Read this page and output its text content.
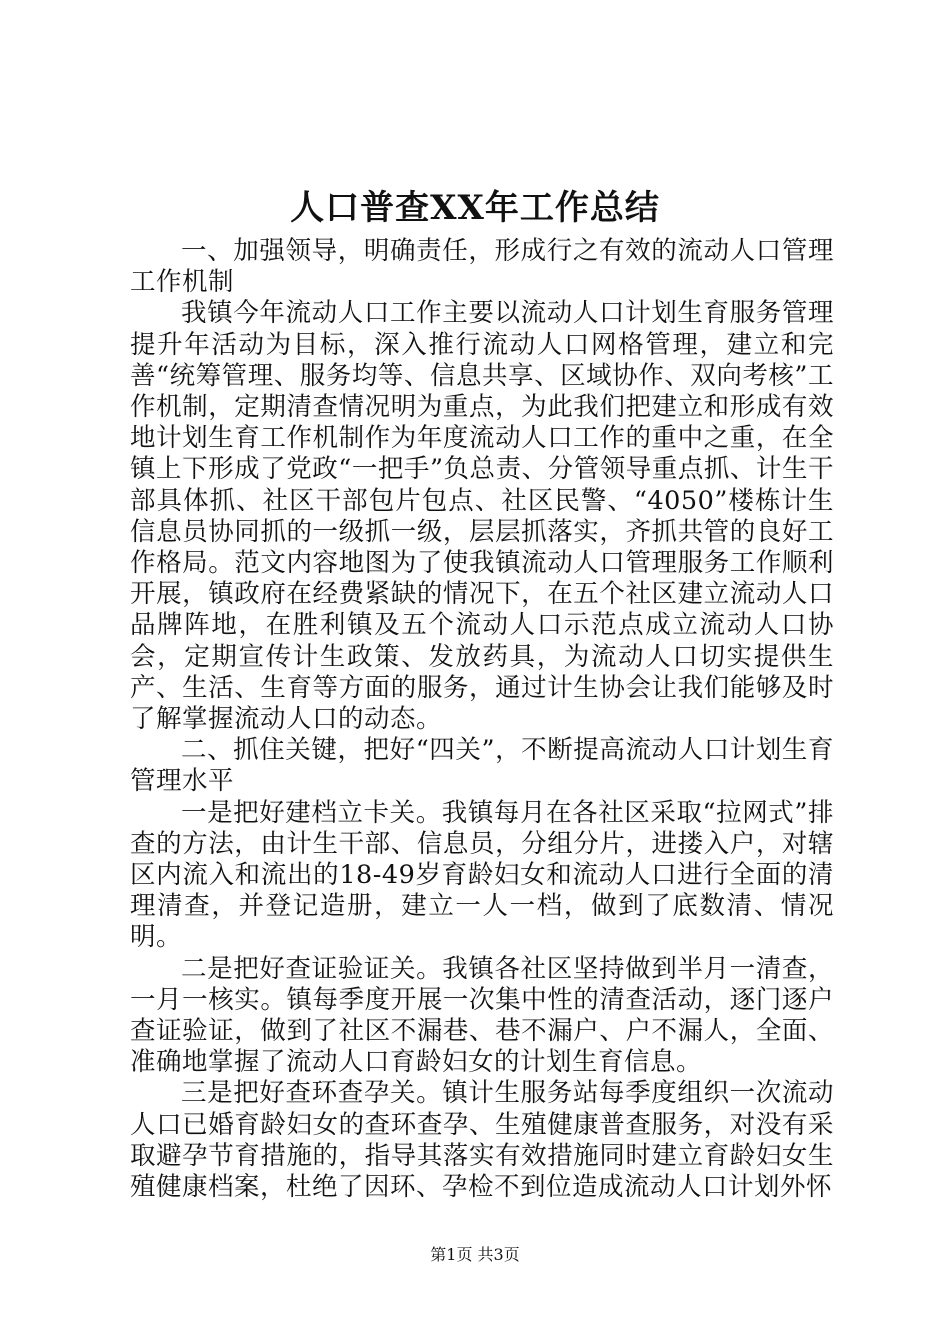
人口普查XX年工作总结

一、加强领导，明确责任，形成行之有效的流动人口管理工作机制

我镇今年流动人口工作主要以流动人口计划生育服务管理提升年活动为目标，深入推行流动人口网格管理，建立和完善“统筹管理、服务均等、信息共享、区域协作、双向考核”工作机制，定期清查情况明为重点，为此我们把建立和形成有效地计划生育工作机制作为年度流动人口工作的重中之重，在全镇上下形成了党政“一把手”负总责、分管领导重点抓、计生干部具体抓、社区干部包片包点、社区民警、“4050”楼栋计生信息员协同抓的一级抓一级，层层抓落实，齐抓共管的良好工作格局。范文内容地图为了使我镇流动人口管理服务工作顺利开展，镇政府在经费紧缺的情况下，在五个社区建立流动人口品牌阵地，在胜利镇及五个流动人口示范点成立流动人口协会，定期宣传计生政策、发放药具，为流动人口切实提供生产、生活、生育等方面的服务，通过计生协会让我们能够及时了解掌握流动人口的动态。

二、抓住关键，把好“四关”，不断提高流动人口计划生育管理水平

一是把好建档立卡关。我镇每月在各社区采取“拉网式”排查的方法，由计生干部、信息员，分组分片，进搂入户，对辖区内流入和流出的18-49岁育龄妇女和流动人口进行全面的清理清查，并登记造册，建立一人一档，做到了底数清、情况明。

二是把好查证验证关。我镇各社区坚持做到半月一清查，一月一核实。镇每季度开展一次集中性的清查活动，逐门逐户查证验证，做到了社区不漏巷、巷不漏户、户不漏人，全面、准确地掌握了流动人口育龄妇女的计划生育信息。

三是把好查环查孕关。镇计生服务站每季度组织一次流动人口已婚育龄妇女的查环查孕、生殖健康普查服务，对没有采取避孕节育措施的，指导其落实有效措施同时建立育龄妇女生殖健康档案，杜绝了因环、孕检不到位造成流动人口计划外怀

第1页 共3页
